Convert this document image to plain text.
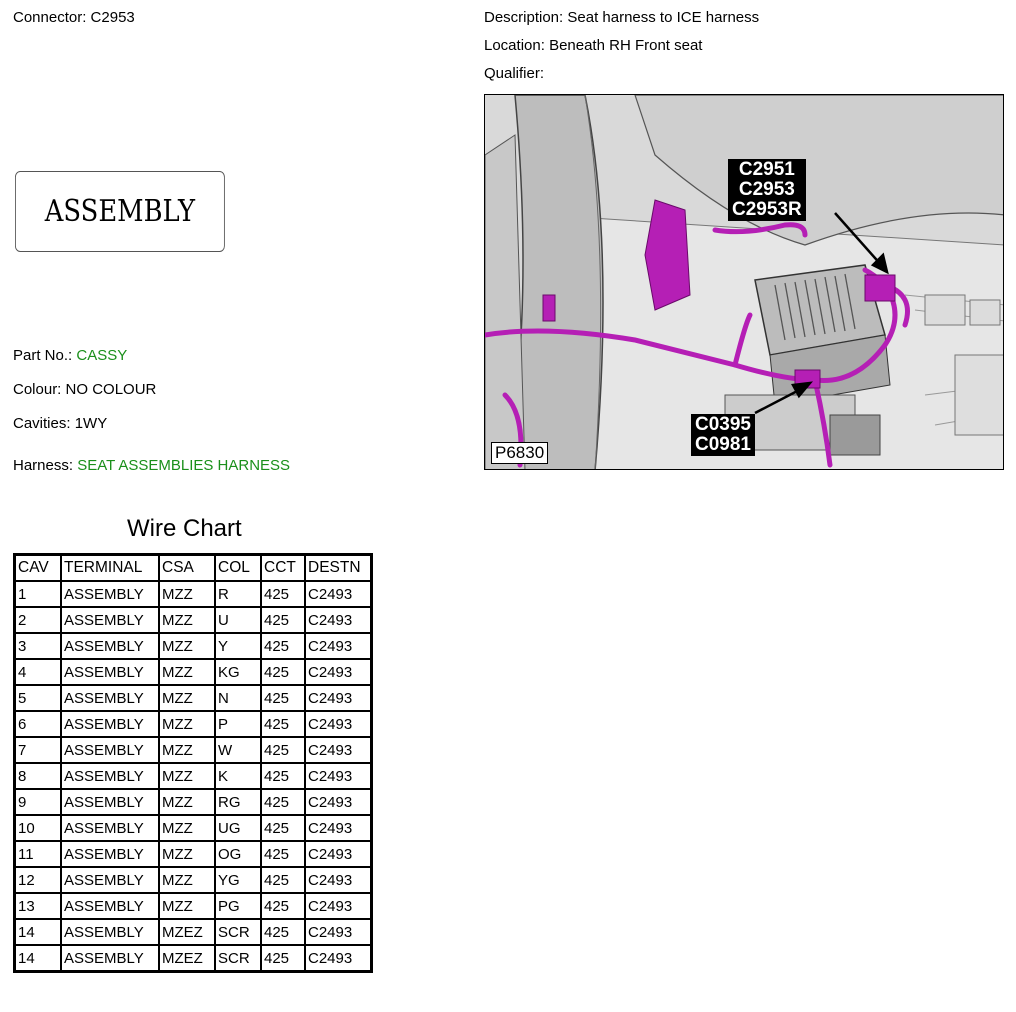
Connector: C2953
ASSEMBLY
Part No.: CASSY
Colour: NO COLOUR
Cavities: 1WY
Harness: SEAT ASSEMBLIES HARNESS
Description: Seat harness to ICE harness
Location: Beneath RH Front seat
Qualifier:
C2951
C2953
C2953R
C0395
C0981
P6830
Wire Chart
CAV	TERMINAL	CSA	COL	CCT	DESTN
1	ASSEMBLY	MZZ	R	425	C2493
2	ASSEMBLY	MZZ	U	425	C2493
3	ASSEMBLY	MZZ	Y	425	C2493
4	ASSEMBLY	MZZ	KG	425	C2493
5	ASSEMBLY	MZZ	N	425	C2493
6	ASSEMBLY	MZZ	P	425	C2493
7	ASSEMBLY	MZZ	W	425	C2493
8	ASSEMBLY	MZZ	K	425	C2493
9	ASSEMBLY	MZZ	RG	425	C2493
10	ASSEMBLY	MZZ	UG	425	C2493
11	ASSEMBLY	MZZ	OG	425	C2493
12	ASSEMBLY	MZZ	YG	425	C2493
13	ASSEMBLY	MZZ	PG	425	C2493
14	ASSEMBLY	MZEZ	SCR	425	C2493
14	ASSEMBLY	MZEZ	SCR	425	C2493
